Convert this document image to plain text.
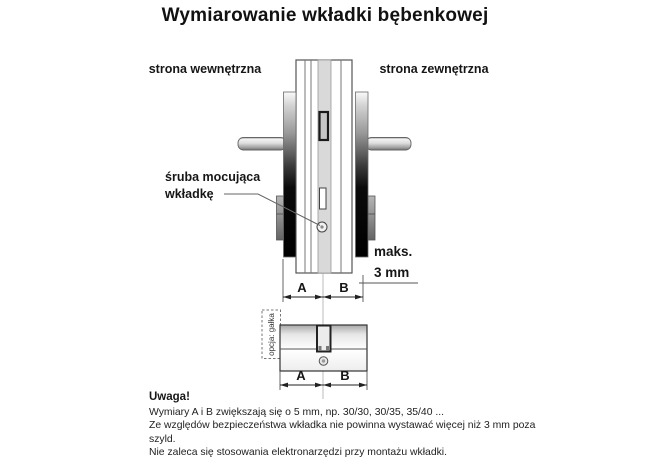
Wymiarowanie wkładki bębenkowej
strona wewnętrzna	strona zewnętrzna
śruba mocująca
wkładkę
maks.
3 mm
A	B
opcja: gałka
A	B
Uwaga!

Wymiary A i B zwiększają się o 5 mm, np. 30/30, 30/35, 35/40 ...

Ze względów bezpieczeństwa wkładka nie powinna wystawać więcej niż 3 mm poza szyld.

Nie zaleca się stosowania elektronarzędzi przy montażu wkładki.
